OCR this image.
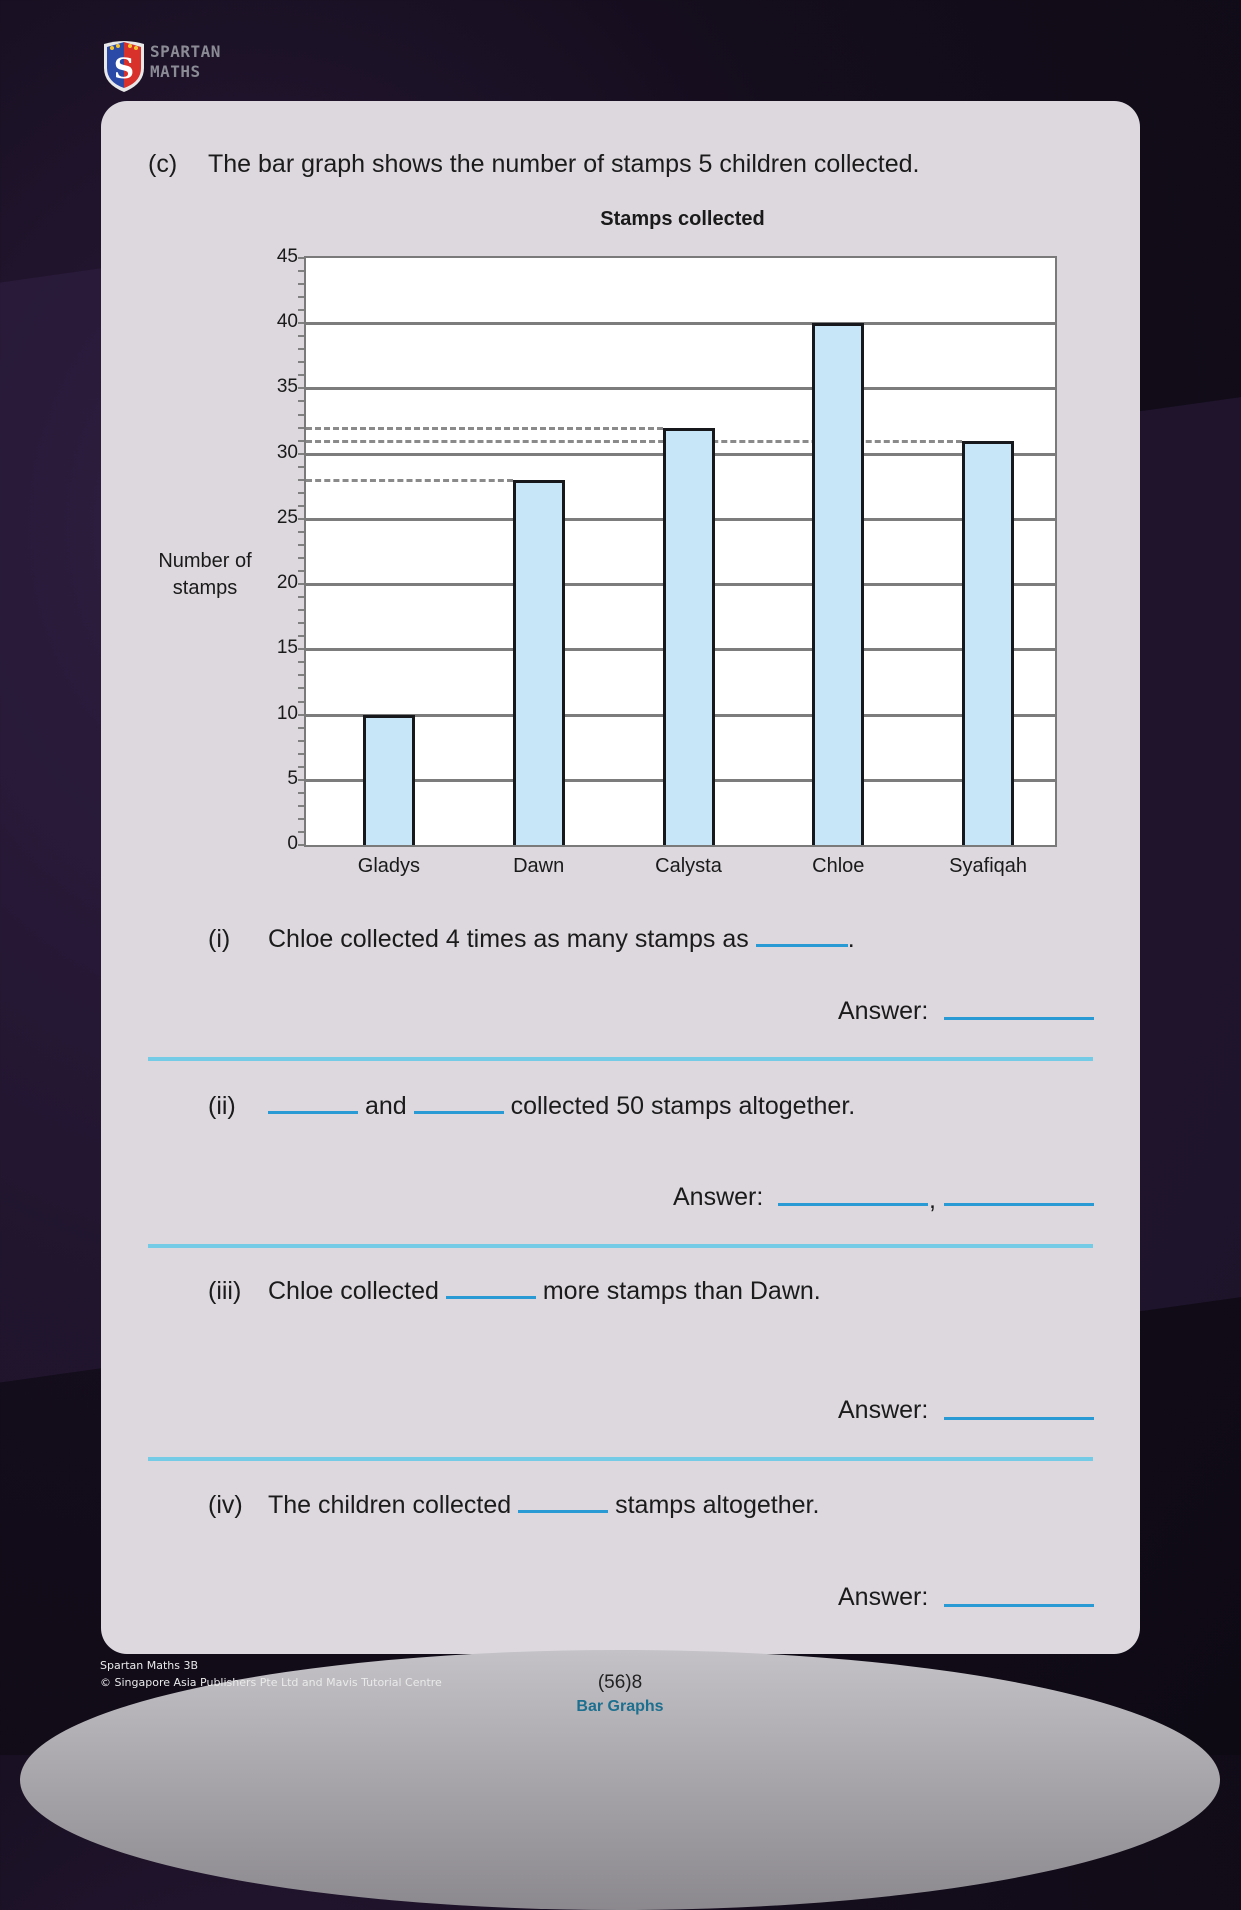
S
SPARTAN
MATHS
(c) The bar graph shows the number of stamps 5 children collected.
Stamps collected
Number of
stamps
0
5
10
15
20
25
30
35
40
45
Gladys	Dawn	Calysta	Chloe	Syafiqah
(i) Chloe collected 4 times as many stamps as	.
Answer:
(ii)	and	collected 50 stamps altogether.
Answer:	,
(iii) Chloe collected	more stamps than Dawn.
Answer:
(iv) The children collected	stamps altogether.
Answer:
Spartan Maths 3B
© Singapore Asia Publishers Pte Ltd and Mavis Tutorial Centre	(56)8
Bar Graphs
